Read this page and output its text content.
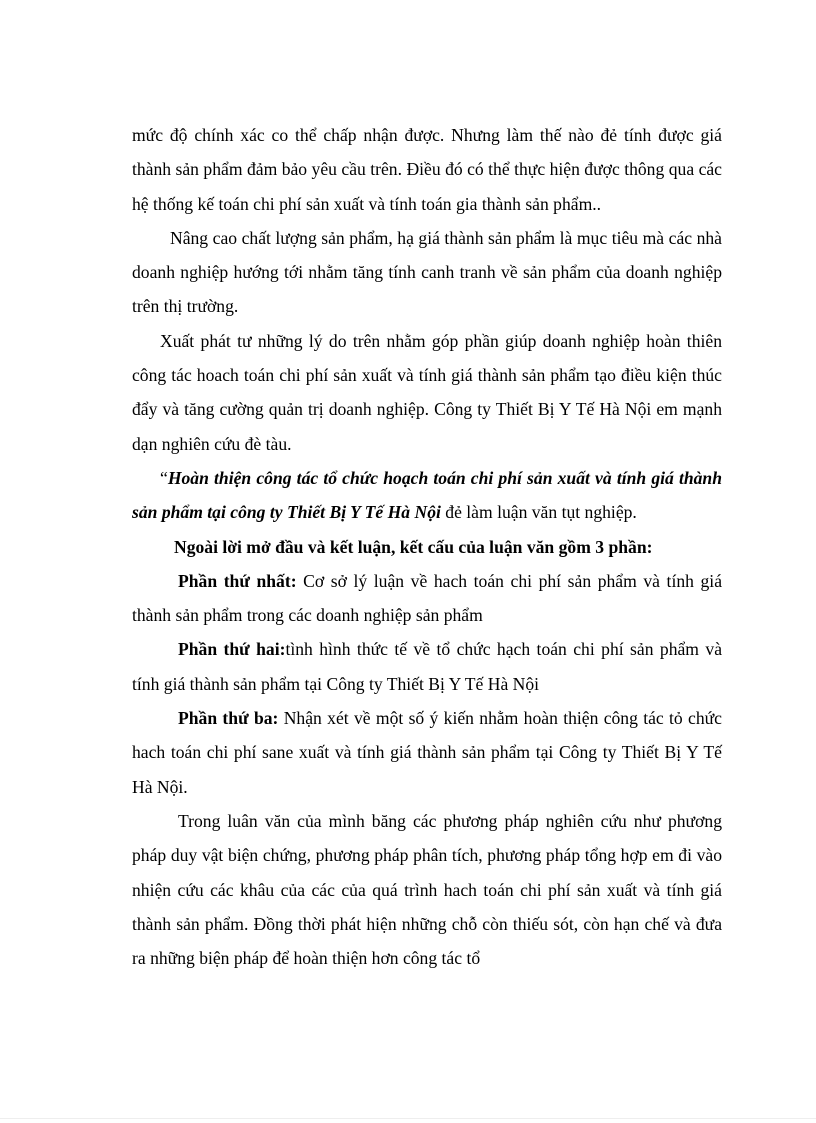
mức độ chính xác co thể chấp nhận được. Nhưng làm thế nào đẻ tính được giá thành sản phẩm đảm bảo yêu cầu trên. Điều đó có thể thực hiện được thông qua các hệ thống kế toán chi phí sản xuất và tính toán gia thành sản phẩm..

Nâng cao chất lượng sản phẩm, hạ giá thành sản phẩm là mục tiêu mà các nhà doanh nghiệp hướng tới nhằm tăng tính canh tranh về sản phẩm của doanh nghiệp trên thị trường.

Xuất phát tư những lý do trên nhằm góp phần giúp doanh nghiệp hoàn thiên công tác hoach toán chi phí sản xuất và tính giá thành sản phẩm tạo điều kiện thúc đẩy và tăng cường quản trị doanh nghiệp. Công ty Thiết Bị Y Tế Hà Nội em mạnh dạn nghiên cứu đè tàu.

“Hoàn thiện công tác tổ chức hoạch toán chi phí sản xuất và tính giá thành sản phẩm tại công ty Thiết Bị Y Tế Hà Nội đẻ làm luận văn tụt nghiệp.

Ngoài lời mở đầu và kết luận, kết cấu của luận văn gồm 3 phần:

Phần thứ nhất: Cơ sở lý luận về hach toán chi phí sản phẩm và tính giá thành sản phẩm trong các doanh nghiệp sản phẩm

Phần thứ hai:tình hình thức tế về tổ chức hạch toán chi phí sản phẩm và tính giá thành sản phẩm tại Công ty Thiết Bị Y Tế Hà Nội

Phần thứ ba: Nhận xét về một số ý kiến nhằm hoàn thiện công tác tỏ chức hach toán chi phí sane xuất và tính giá thành sản phẩm tại Công ty Thiết Bị Y Tế Hà Nội.

Trong luân văn của mình băng các phương pháp nghiên cứu như phương pháp duy vật biện chứng, phương pháp phân tích, phương pháp tổng hợp em đi vào nhiện cứu các khâu của các của quá trình hach toán chi phí sản xuất và tính giá thành sản phẩm. Đồng thời phát hiện những chỗ còn thiếu sót, còn hạn chế và đưa ra những biện pháp để hoàn thiện hơn công tác tổ
